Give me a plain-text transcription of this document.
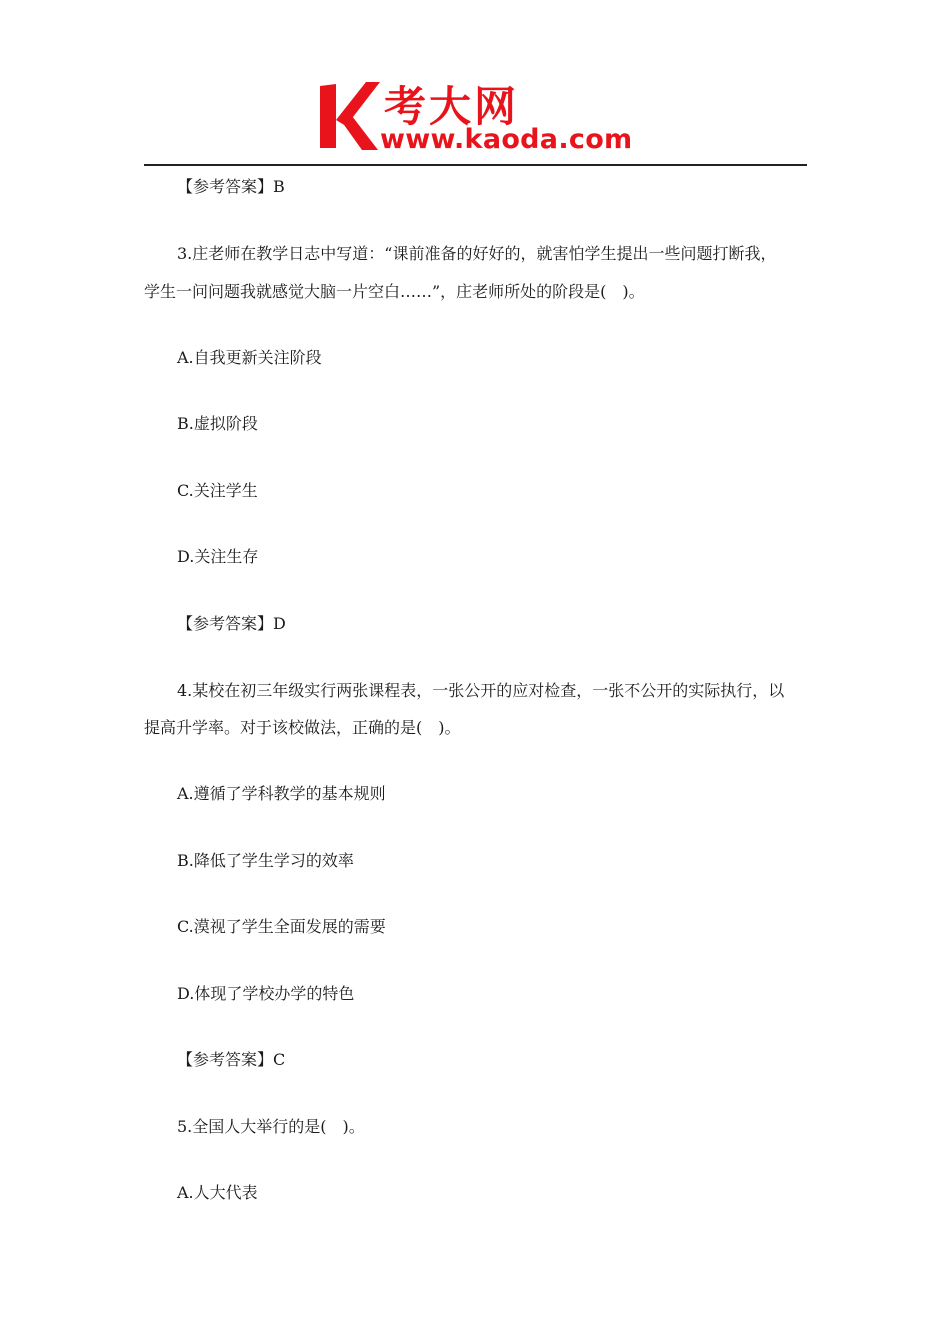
考大网
www.kaoda.com
【参考答案】B
3.庄老师在教学日志中写道：“课前准备的好好的，就害怕学生提出一些问题打断我，
学生一问问题我就感觉大脑一片空白……”，庄老师所处的阶段是(　)。
A.自我更新关注阶段
B.虚拟阶段
C.关注学生
D.关注生存
【参考答案】D
4.某校在初三年级实行两张课程表，一张公开的应对检查，一张不公开的实际执行，以
提高升学率。对于该校做法，正确的是(　)。
A.遵循了学科教学的基本规则
B.降低了学生学习的效率
C.漠视了学生全面发展的需要
D.体现了学校办学的特色
【参考答案】C
5.全国人大举行的是(　)。
A.人大代表
